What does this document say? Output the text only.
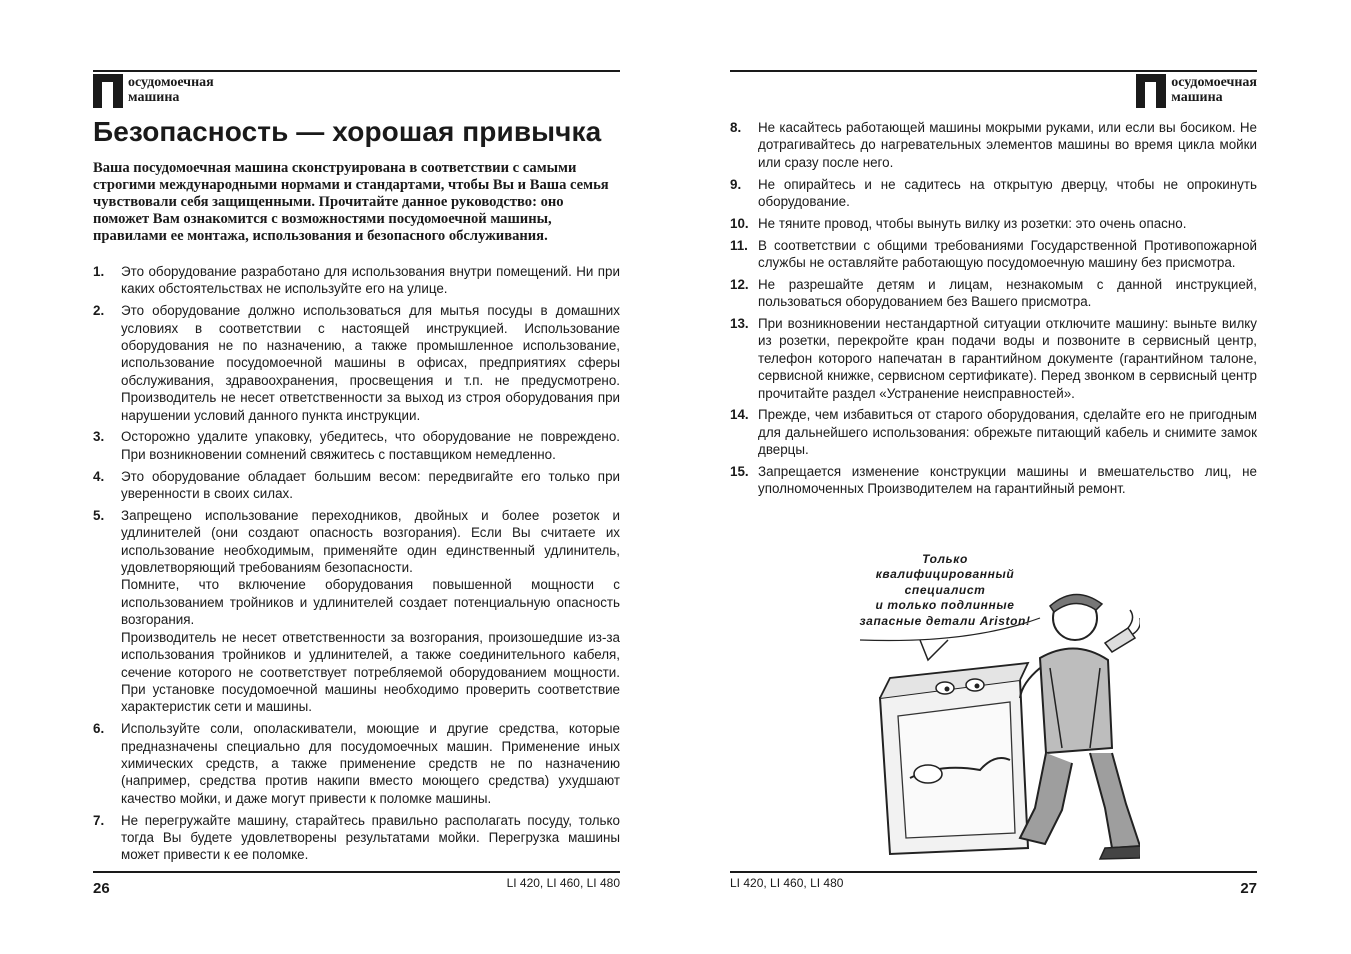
осудомоечная
машина
Безопасность — хорошая привычка

Ваша посудомоечная машина сконструирована в соответствии с самыми строгими международными нормами и стандартами, чтобы Вы и Ваша семья чувствовали себя защищенными. Прочитайте данное руководство: оно поможет Вам ознакомится с возможностями посудомоечной машины, правилами ее монтажа, использования и безопасного обслуживания.

1.	Это оборудование разработано для использования внутри помещений. Ни при каких обстоятельствах не используйте его на улице.
2.	Это оборудование должно использоваться для мытья посуды в домашних условиях в соответствии с настоящей инструкцией. Использование оборудования не по назначению, а также промышленное использование, использование посудомоечной машины в офисах, предприятиях сферы обслуживания, здравоохранения, просвещения и т.п. не предусмотрено. Производитель не несет ответственности за выход из строя оборудования при нарушении условий данного пункта инструкции.
3.	Осторожно удалите упаковку, убедитесь, что оборудование не повреждено. При возникновении сомнений свяжитесь с поставщиком немедленно.
4.	Это оборудование обладает большим весом: передвигайте его только при уверенности в своих силах.
5.	Запрещено использование переходников, двойных и более розеток и удлинителей (они создают опасность возгорания). Если Вы считаете их использование необходимым, применяйте один единственный удлинитель, удовлетворяющий требованиям безопасности.
Помните, что включение оборудования повышенной мощности с использованием тройников и удлинителей создает потенциальную опасность возгорания.
Производитель не несет ответственности за возгорания, произошедшие из-за использования тройников и удлинителей, а также соединительного кабеля, сечение которого не соответствует потребляемой оборудованием мощности. При установке посудомоечной машины необходимо проверить соответствие характеристик сети и машины.
6.	Используйте соли, ополаскиватели, моющие и другие средства, которые предназначены специально для посудомоечных машин. Применение иных химических средств, а также применение средств не по назначению (например, средства против накипи вместо моющего средства) ухудшают качество мойки, и даже могут привести к поломке машины.
7.	Не перегружайте машину, старайтесь правильно располагать посуду, только тогда Вы будете удовлетворены результатами мойки. Перегрузка машины может привести к ее поломке.
26	LI 420, LI 460, LI 480
осудомоечная
машина
8.	Не касайтесь работающей машины мокрыми руками, или если вы босиком. Не дотрагивайтесь до нагревательных элементов машины во время цикла мойки или сразу после него.
9.	Не опирайтесь и не садитесь на открытую дверцу, чтобы не опрокинуть оборудование.
10. Не тяните провод, чтобы вынуть вилку из розетки: это очень опасно.
11. В соответствии с общими требованиями Государственной Противопожарной службы не оставляйте работающую посудомоечную машину без присмотра.
12. Не разрешайте детям и лицам, незнакомым с данной инструкцией, пользоваться оборудованием без Вашего присмотра.
13. При возникновении нестандартной ситуации отключите машину: выньте вилку из розетки, перекройте кран подачи воды и позвоните в сервисный центр, телефон которого напечатан в гарантийном документе (гарантийном талоне, сервисной книжке, сервисном сертификате). Перед звонком в сервисный центр прочитайте раздел «Устранение неисправностей».
14. Прежде, чем избавиться от старого оборудования, сделайте его не пригодным для дальнейшего использования: обрежьте питающий кабель и снимите замок дверцы.
15. Запрещается изменение конструкции машины и вмешательство лиц, не уполномоченных Производителем на гарантийный ремонт.
Только
квалифицированный
специалист
и только подлинные
запасные детали Ariston!
LI 420, LI 460, LI 480	27
